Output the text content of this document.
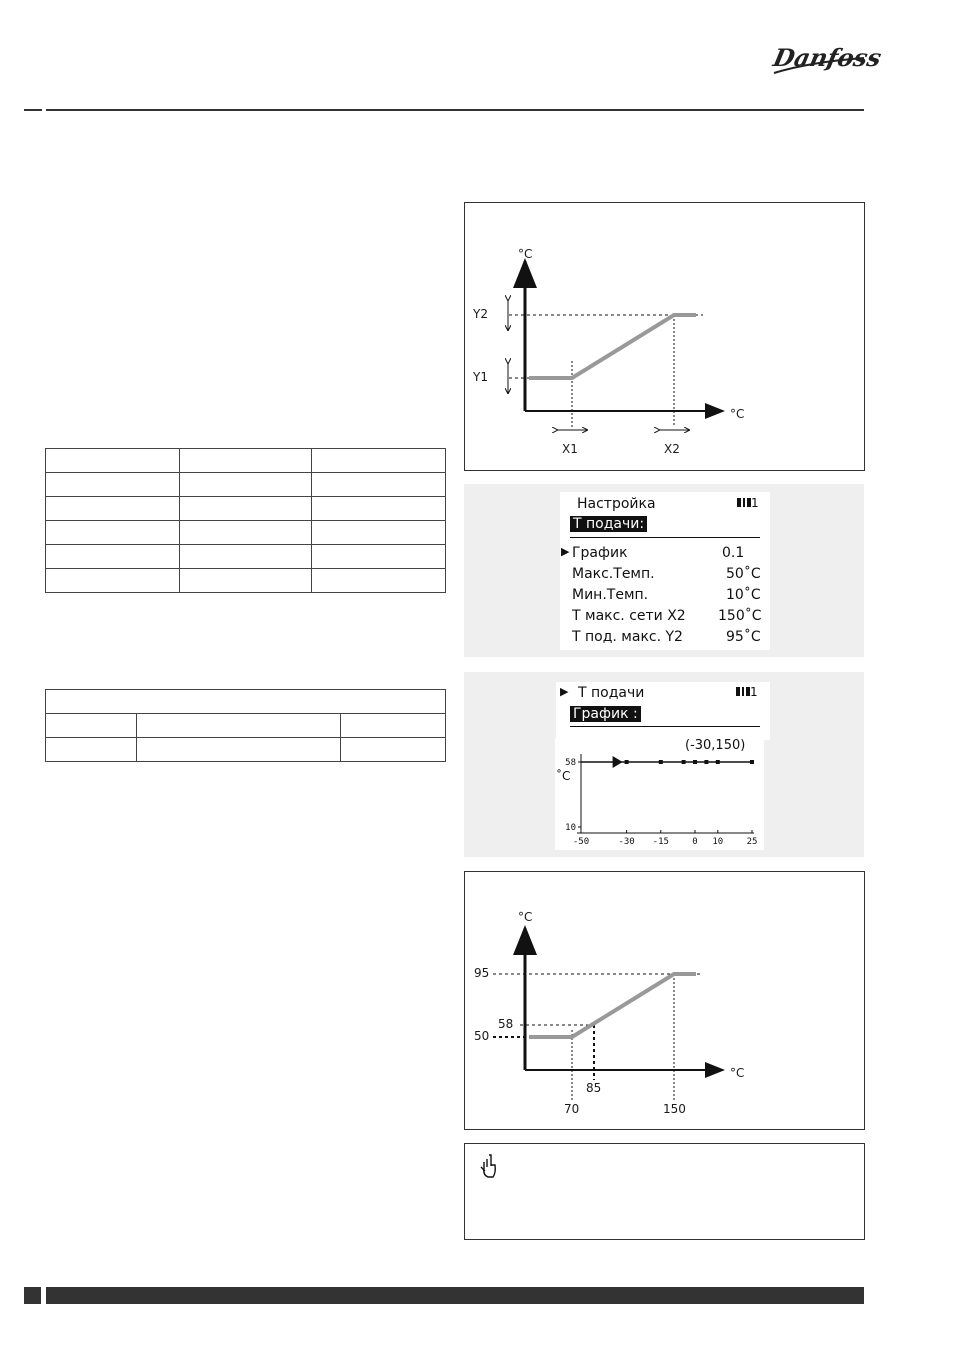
Danfoss

°C
°C
Y2
Y1
X1	X2
Настройка	1
Т подачи:
▶ График	0.1
Макс.Темп.	50˚C
Мин.Темп.	10˚C
Т макс. сети X2 150˚C
Т под. макс. Y2	95˚C
▶ Т подачи	1
График :
(-30,150)
˚C
-50	-30 -15	0 10	25
58
10
°C
°C
95
58
50
85
70	150
